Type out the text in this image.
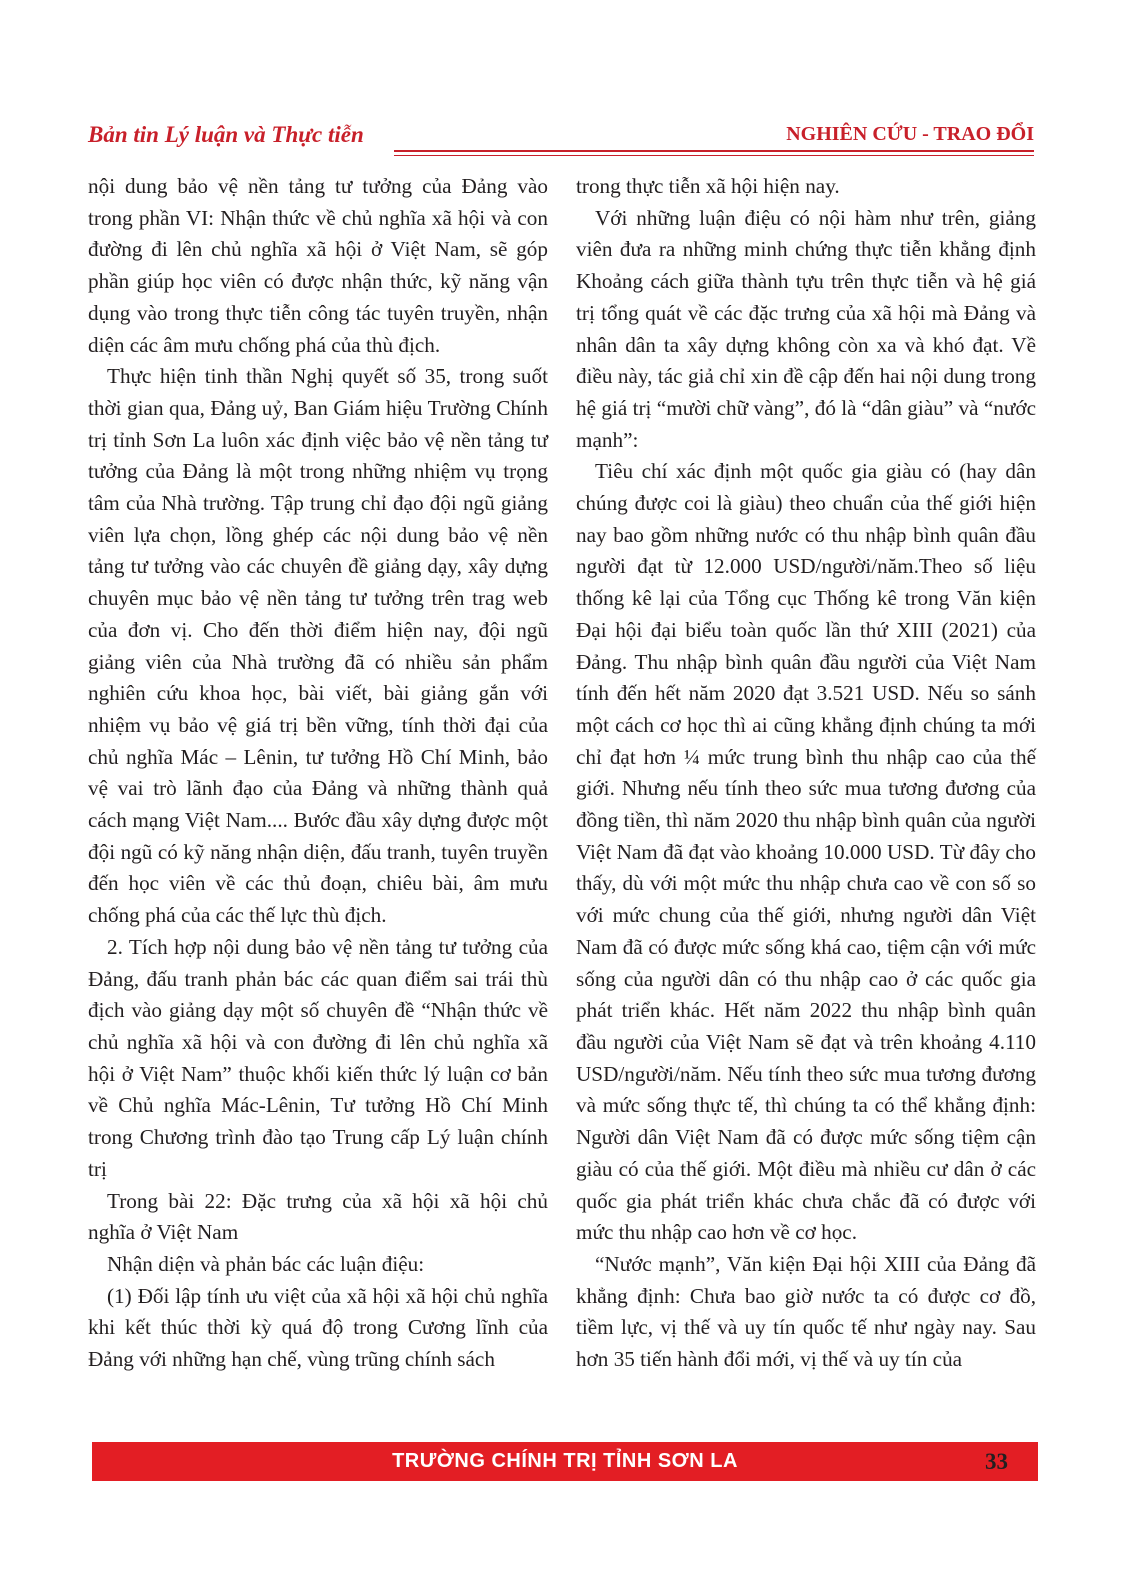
Bản tin Lý luận và Thực tiễn	NGHIÊN CỨU - TRAO ĐỔI

nội dung bảo vệ nền tảng tư tưởng của Đảng vào trong phần VI: Nhận thức về chủ nghĩa xã hội và con đường đi lên chủ nghĩa xã hội ở Việt Nam, sẽ góp phần giúp học viên có được nhận thức, kỹ năng vận dụng vào trong thực tiễn công tác tuyên truyền, nhận diện các âm mưu chống phá của thù địch.

Thực hiện tinh thần Nghị quyết số 35, trong suốt thời gian qua, Đảng uỷ, Ban Giám hiệu Trường Chính trị tỉnh Sơn La luôn xác định việc bảo vệ nền tảng tư tưởng của Đảng là một trong những nhiệm vụ trọng tâm của Nhà trường. Tập trung chỉ đạo đội ngũ giảng viên lựa chọn, lồng ghép các nội dung bảo vệ nền tảng tư tưởng vào các chuyên đề giảng dạy, xây dựng chuyên mục bảo vệ nền tảng tư tưởng trên trag web của đơn vị. Cho đến thời điểm hiện nay, đội ngũ giảng viên của Nhà trường đã có nhiều sản phẩm nghiên cứu khoa học, bài viết, bài giảng gắn với nhiệm vụ bảo vệ giá trị bền vững, tính thời đại của chủ nghĩa Mác – Lênin, tư tưởng Hồ Chí Minh, bảo vệ vai trò lãnh đạo của Đảng và những thành quả cách mạng Việt Nam.... Bước đầu xây dựng được một đội ngũ có kỹ năng nhận diện, đấu tranh, tuyên truyền đến học viên về các thủ đoạn, chiêu bài, âm mưu chống phá của các thế lực thù địch.

2. Tích hợp nội dung bảo vệ nền tảng tư tưởng của Đảng, đấu tranh phản bác các quan điểm sai trái thù địch vào giảng dạy một số chuyên đề “Nhận thức về chủ nghĩa xã hội và con đường đi lên chủ nghĩa xã hội ở Việt Nam” thuộc khối kiến thức lý luận cơ bản về Chủ nghĩa Mác-Lênin, Tư tưởng Hồ Chí Minh trong Chương trình đào tạo Trung cấp Lý luận chính trị

Trong bài 22: Đặc trưng của xã hội xã hội chủ nghĩa ở Việt Nam

Nhận diện và phản bác các luận điệu:

(1) Đối lập tính ưu việt của xã hội xã hội chủ nghĩa khi kết thúc thời kỳ quá độ trong Cương lĩnh của Đảng với những hạn chế, vùng trũng chính sách

trong thực tiễn xã hội hiện nay.

Với những luận điệu có nội hàm như trên, giảng viên đưa ra những minh chứng thực tiễn khẳng định Khoảng cách giữa thành tựu trên thực tiễn và hệ giá trị tổng quát về các đặc trưng của xã hội mà Đảng và nhân dân ta xây dựng không còn xa và khó đạt. Về điều này, tác giả chỉ xin đề cập đến hai nội dung trong hệ giá trị “mười chữ vàng”, đó là “dân giàu” và “nước mạnh”:

Tiêu chí xác định một quốc gia giàu có (hay dân chúng được coi là giàu) theo chuẩn của thế giới hiện nay bao gồm những nước có thu nhập bình quân đầu người đạt từ 12.000 USD/người/năm.Theo số liệu thống kê lại của Tổng cục Thống kê trong Văn kiện Đại hội đại biểu toàn quốc lần thứ XIII (2021) của Đảng. Thu nhập bình quân đầu người của Việt Nam tính đến hết năm 2020 đạt 3.521 USD. Nếu so sánh một cách cơ học thì ai cũng khẳng định chúng ta mới chỉ đạt hơn ¼ mức trung bình thu nhập cao của thế giới. Nhưng nếu tính theo sức mua tương đương của đồng tiền, thì năm 2020 thu nhập bình quân của người Việt Nam đã đạt vào khoảng 10.000 USD. Từ đây cho thấy, dù với một mức thu nhập chưa cao về con số so với mức chung của thế giới, nhưng người dân Việt Nam đã có được mức sống khá cao, tiệm cận với mức sống của người dân có thu nhập cao ở các quốc gia phát triển khác. Hết năm 2022 thu nhập bình quân đầu người của Việt Nam sẽ đạt và trên khoảng 4.110 USD/người/năm. Nếu tính theo sức mua tương đương và mức sống thực tế, thì chúng ta có thể khẳng định: Người dân Việt Nam đã có được mức sống tiệm cận giàu có của thế giới. Một điều mà nhiều cư dân ở các quốc gia phát triển khác chưa chắc đã có được với mức thu nhập cao hơn về cơ học.

“Nước mạnh”, Văn kiện Đại hội XIII của Đảng đã khẳng định: Chưa bao giờ nước ta có được cơ đồ, tiềm lực, vị thế và uy tín quốc tế như ngày nay. Sau hơn 35 tiến hành đổi mới, vị thế và uy tín của

TRƯỜNG CHÍNH TRỊ TỈNH SƠN LA	33
